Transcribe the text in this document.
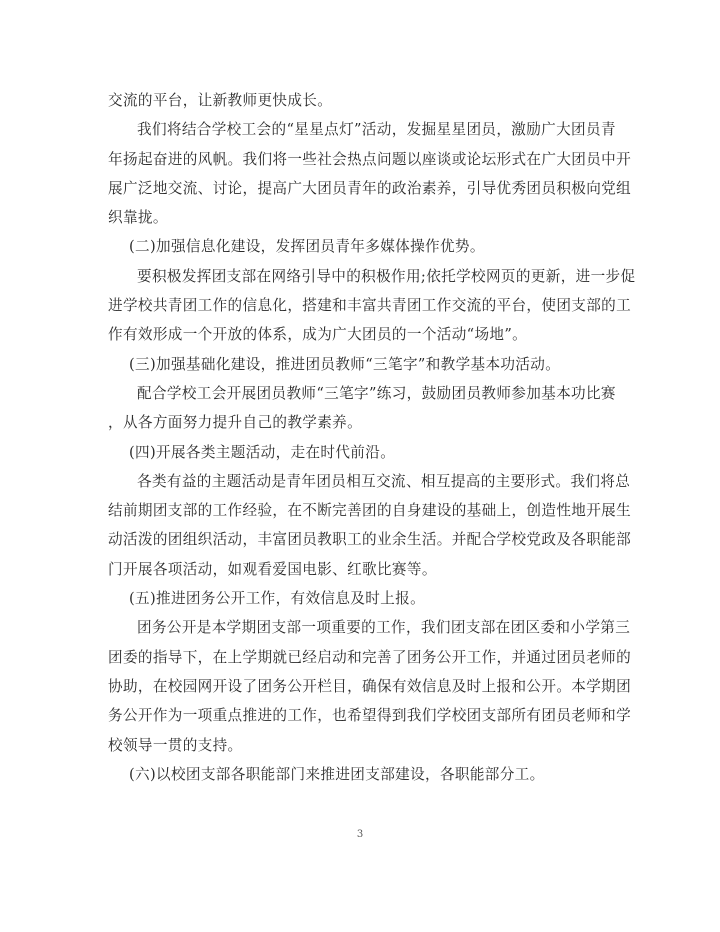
交流的平台，让新教师更快成长。

我们将结合学校工会的“星星点灯”活动，发掘星星团员，激励广大团员青
年扬起奋进的风帆。我们将一些社会热点问题以座谈或论坛形式在广大团员中开
展广泛地交流、讨论，提高广大团员青年的政治素养，引导优秀团员积极向党组
织靠拢。

(二)加强信息化建设，发挥团员青年多媒体操作优势。

要积极发挥团支部在网络引导中的积极作用;依托学校网页的更新，进一步促
进学校共青团工作的信息化，搭建和丰富共青团工作交流的平台，使团支部的工
作有效形成一个开放的体系，成为广大团员的一个活动“场地”。

(三)加强基础化建设，推进团员教师“三笔字”和教学基本功活动。

配合学校工会开展团员教师“三笔字”练习，鼓励团员教师参加基本功比赛
，从各方面努力提升自己的教学素养。

(四)开展各类主题活动，走在时代前沿。

各类有益的主题活动是青年团员相互交流、相互提高的主要形式。我们将总
结前期团支部的工作经验，在不断完善团的自身建设的基础上，创造性地开展生
动活泼的团组织活动，丰富团员教职工的业余生活。并配合学校党政及各职能部
门开展各项活动，如观看爱国电影、红歌比赛等。

(五)推进团务公开工作，有效信息及时上报。

团务公开是本学期团支部一项重要的工作，我们团支部在团区委和小学第三
团委的指导下，在上学期就已经启动和完善了团务公开工作，并通过团员老师的
协助，在校园网开设了团务公开栏目，确保有效信息及时上报和公开。本学期团
务公开作为一项重点推进的工作，也希望得到我们学校团支部所有团员老师和学
校领导一贯的支持。

(六)以校团支部各职能部门来推进团支部建设，各职能部分工。

3
